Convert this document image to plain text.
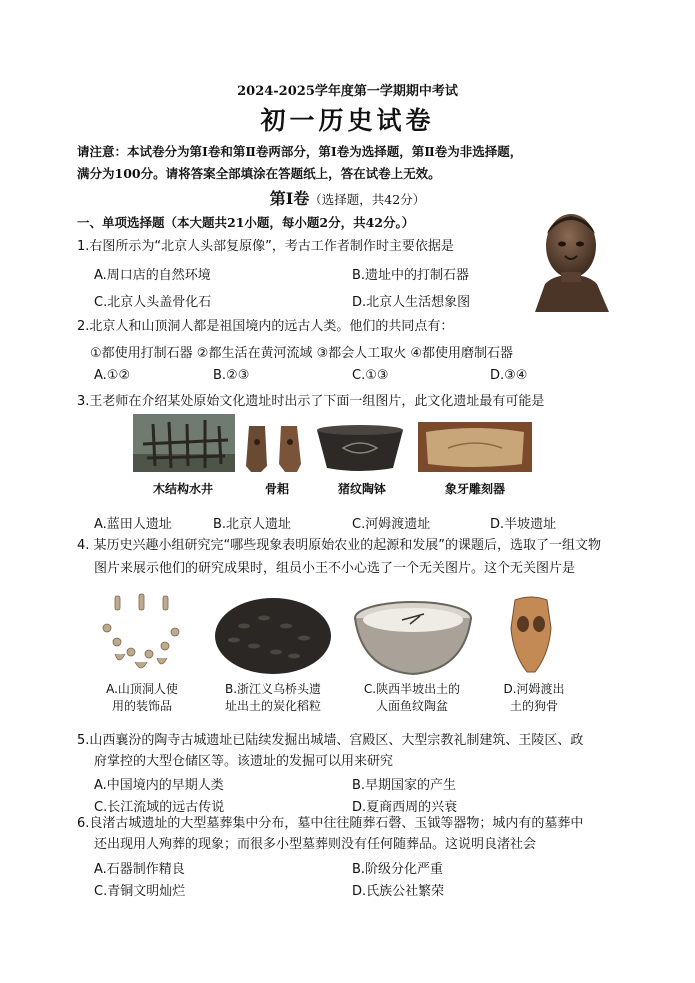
2024-2025学年度第一学期期中考试
初一历史试卷
请注意：本试卷分为第Ⅰ卷和第Ⅱ卷两部分，第Ⅰ卷为选择题，第Ⅱ卷为非选择题，
满分为100分。请将答案全部填涂在答题纸上，答在试卷上无效。
第Ⅰ卷（选择题，共42分）
一、单项选择题（本大题共21小题，每小题2分，共42分。）
1.右图所示为“北京人头部复原像”，考古工作者制作时主要依据是
A.周口店的自然环境	B.遗址中的打制石器
C.北京人头盖骨化石	D.北京人生活想象图
2.北京人和山顶洞人都是祖国境内的远古人类。他们的共同点有：
①都使用打制石器 ②都生活在黄河流域 ③都会人工取火 ④都使用磨制石器
A.①②	B.②③	C.①③	D.③④
3.王老师在介绍某处原始文化遗址时出示了下面一组图片，此文化遗址最有可能是
木结构水井	骨耜	猪纹陶钵	象牙雕刻器
A.蓝田人遗址	B.北京人遗址	C.河姆渡遗址	D.半坡遗址
4. 某历史兴趣小组研究完“哪些现象表明原始农业的起源和发展”的课题后，选取了一组文物
图片来展示他们的研究成果时，组员小王不小心选了一个无关图片。这个无关图片是
A.山顶洞人使
用的装饰品
B.浙江义乌桥头遗
址出土的炭化稻粒
C.陕西半坡出土的
人面鱼纹陶盆
D.河姆渡出
土的狗骨
5.山西襄汾的陶寺古城遗址已陆续发掘出城墙、宫殿区、大型宗教礼制建筑、王陵区、政
府掌控的大型仓储区等。该遗址的发掘可以用来研究
A.中国境内的早期人类	B.早期国家的产生
C.长江流域的远古传说	D.夏商西周的兴衰
6.良渚古城遗址的大型墓葬集中分布，墓中往往随葬石磬、玉钺等器物；城内有的墓葬中
还出现用人殉葬的现象；而很多小型墓葬则没有任何随葬品。这说明良渚社会
A.石器制作精良	B.阶级分化严重
C.青铜文明灿烂	D.氏族公社繁荣
